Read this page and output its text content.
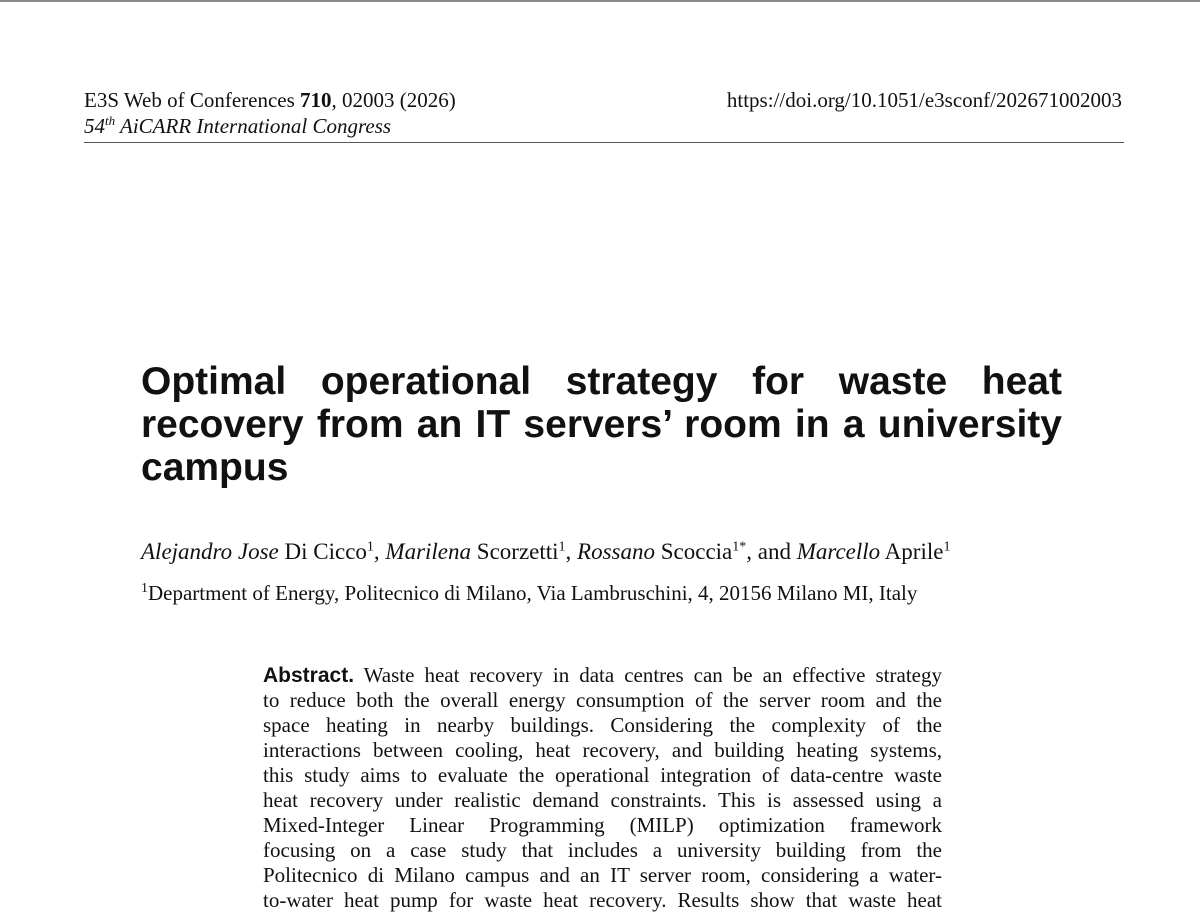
E3S Web of Conferences 710, 02003 (2026)
54th AiCARR International Congress
https://doi.org/10.1051/e3sconf/202671002003
Optimal operational strategy for waste heat
recovery from an IT servers’ room in a university
campus
Alejandro Jose Di Cicco$^1$, Marilena Scorzetti$^1$, Rossano Scoccia$^{1*}$, and Marcello Aprile$^1$
$^1$Department of Energy, Politecnico di Milano, Via Lambruschini, 4, 20156 Milano MI, Italy
Abstract. Waste heat recovery in data centres can be an effective strategy
to reduce both the overall energy consumption of the server room and the
space heating in nearby buildings. Considering the complexity of the
interactions between cooling, heat recovery, and building heating systems,
this study aims to evaluate the operational integration of data-centre waste
heat recovery under realistic demand constraints. This is assessed using a
Mixed-Integer Linear Programming (MILP) optimization framework
focusing on a case study that includes a university building from the
Politecnico di Milano campus and an IT server room, considering a water-
to-water heat pump for waste heat recovery. Results show that waste heat
